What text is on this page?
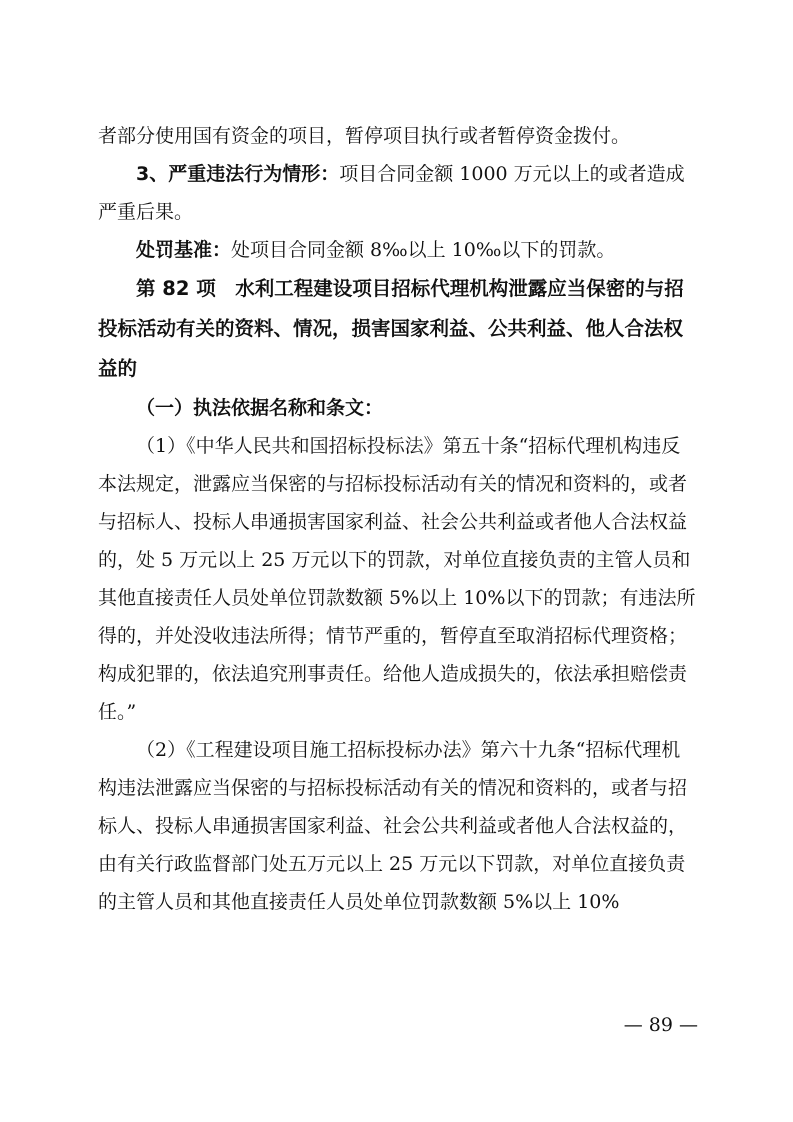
者部分使用国有资金的项目，暂停项目执行或者暂停资金拨付。

3、严重违法行为情形：项目合同金额 1000 万元以上的或者造成严重后果。

处罚基准：处项目合同金额 8‰以上 10‰以下的罚款。

第 82 项　水利工程建设项目招标代理机构泄露应当保密的与招投标活动有关的资料、情况，损害国家利益、公共利益、他人合法权益的

（一）执法依据名称和条文：

（1）《中华人民共和国招标投标法》第五十条“招标代理机构违反本法规定，泄露应当保密的与招标投标活动有关的情况和资料的，或者与招标人、投标人串通损害国家利益、社会公共利益或者他人合法权益的，处 5 万元以上 25 万元以下的罚款，对单位直接负责的主管人员和其他直接责任人员处单位罚款数额 5%以上 10%以下的罚款；有违法所得的，并处没收违法所得；情节严重的，暂停直至取消招标代理资格；构成犯罪的，依法追究刑事责任。给他人造成损失的，依法承担赔偿责任。”

（2）《工程建设项目施工招标投标办法》第六十九条“招标代理机构违法泄露应当保密的与招标投标活动有关的情况和资料的，或者与招标人、投标人串通损害国家利益、社会公共利益或者他人合法权益的，由有关行政监督部门处五万元以上 25 万元以下罚款，对单位直接负责的主管人员和其他直接责任人员处单位罚款数额 5%以上 10%

— 89 —
